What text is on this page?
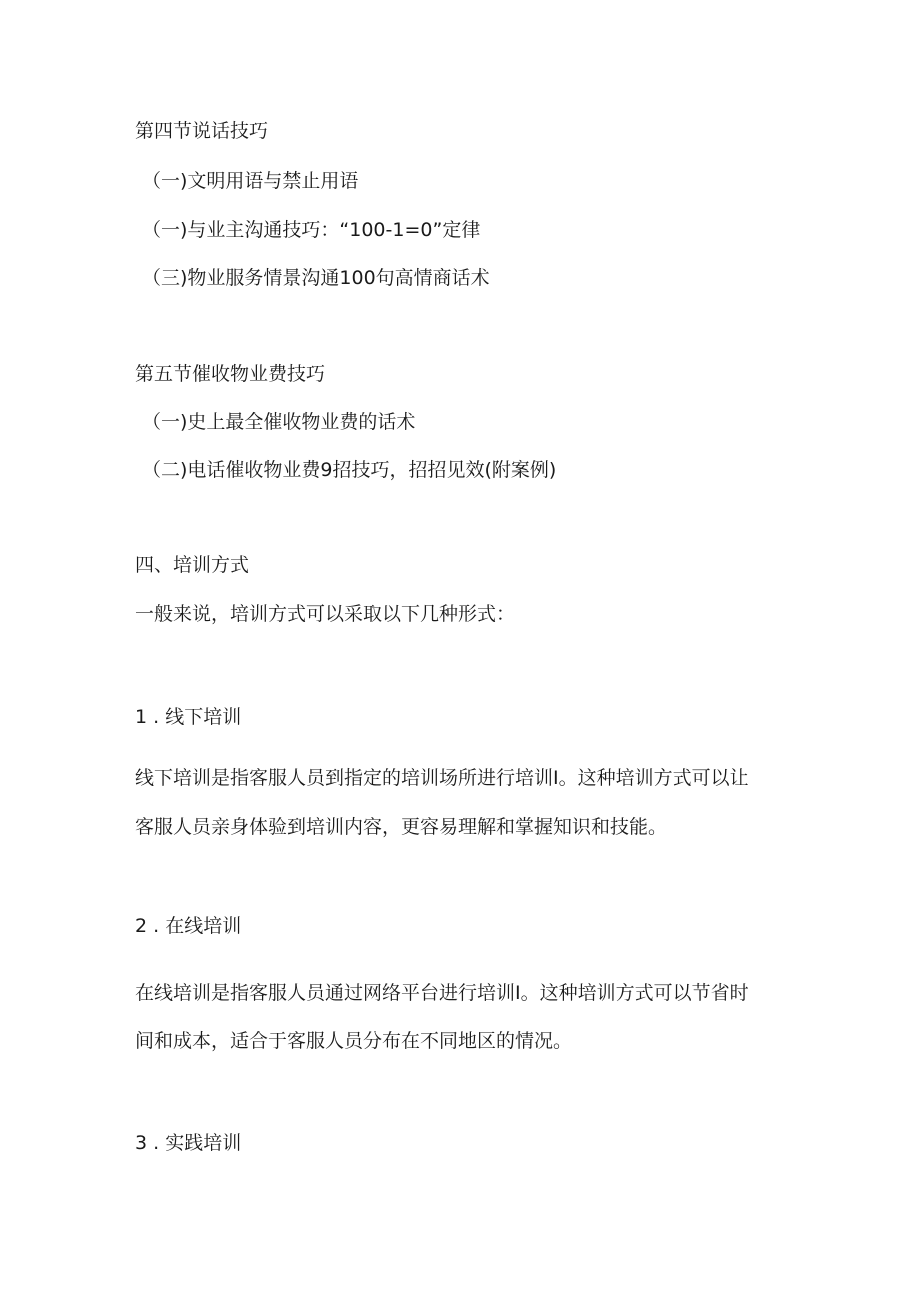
第四节说话技巧

（一)文明用语与禁止用语

（一)与业主沟通技巧：“100-1=0”定律

（三)物业服务情景沟通100句高情商话术

第五节催收物业费技巧

（一)史上最全催收物业费的话术

（二)电话催收物业费9招技巧，招招见效(附案例)

四、培训方式

一般来说，培训方式可以采取以下几种形式：

1 . 线下培训

线下培训是指客服人员到指定的培训场所进行培训I。这种培训方式可以让

客服人员亲身体验到培训内容，更容易理解和掌握知识和技能。

2 . 在线培训

在线培训是指客服人员通过网络平台进行培训I。这种培训方式可以节省时

间和成本，适合于客服人员分布在不同地区的情况。

3 . 实践培训
